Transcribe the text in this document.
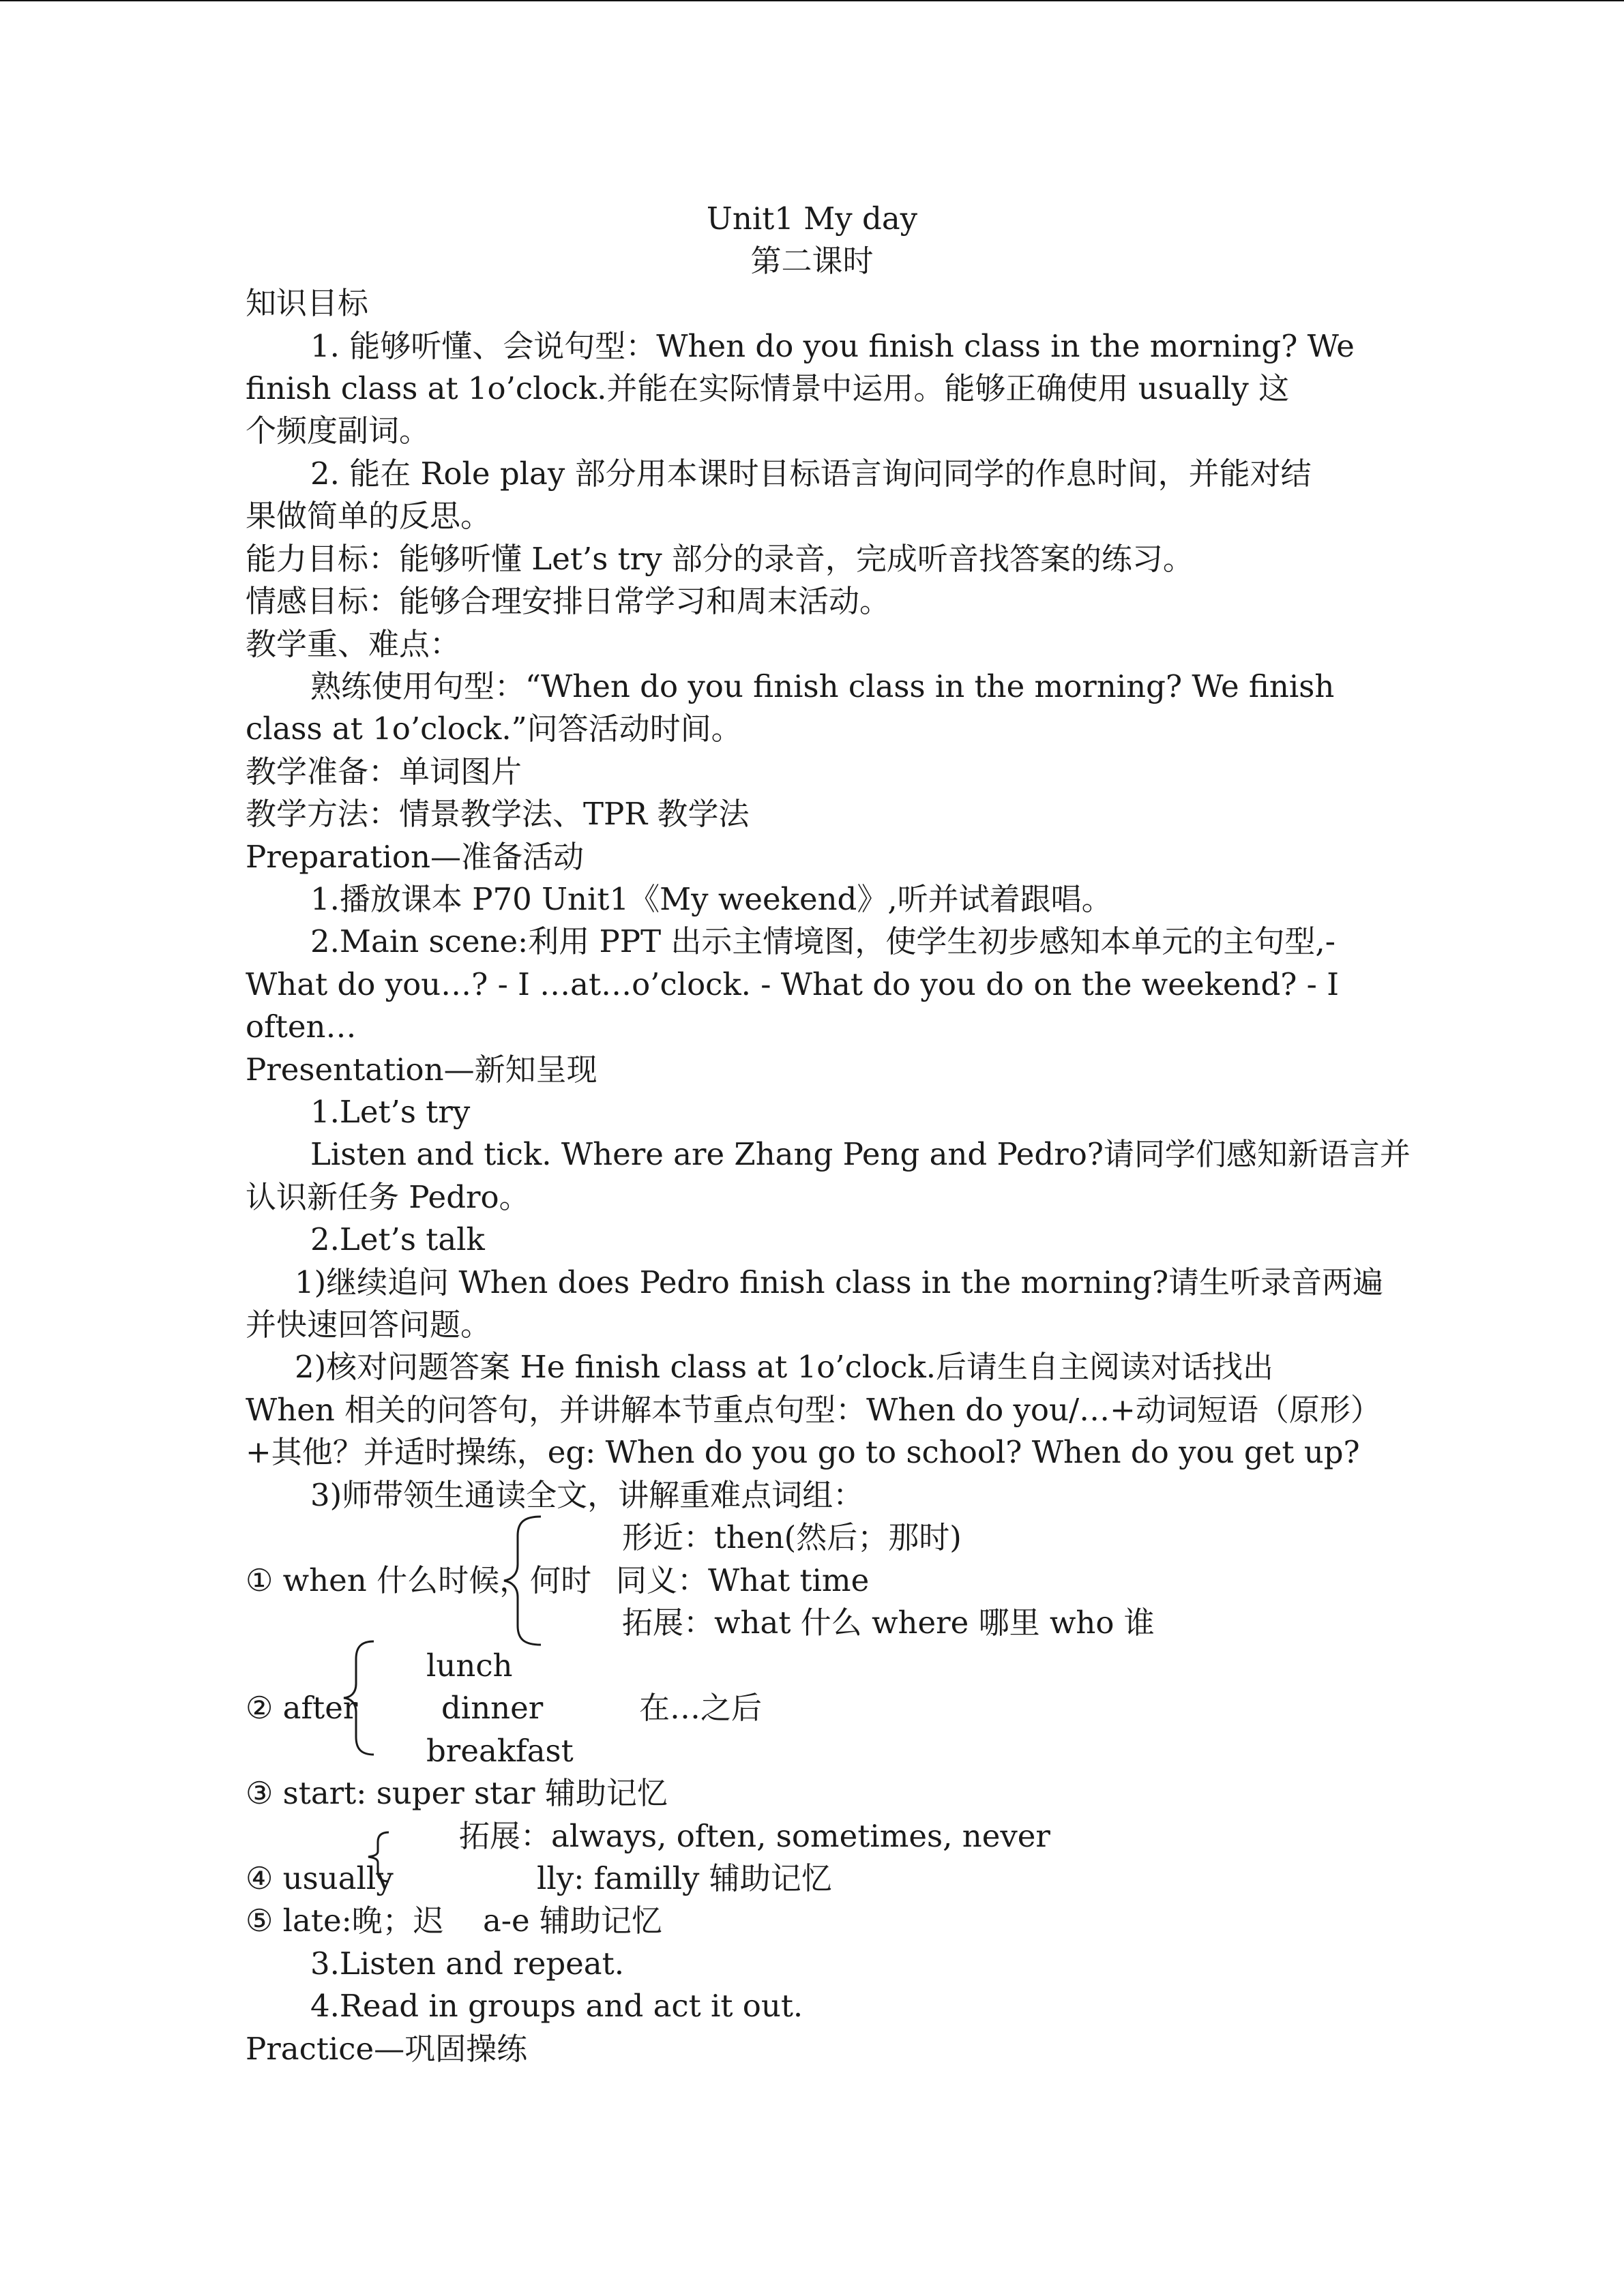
Unit1 My day
第二课时
知识目标
1. 能够听懂、会说句型：When do you finish class in the morning? We
finish class at 1o’clock.并能在实际情景中运用。能够正确使用 usually 这
个频度副词。
2. 能在 Role play 部分用本课时目标语言询问同学的作息时间，并能对结
果做简单的反思。
能力目标：能够听懂 Let’s try 部分的录音，完成听音找答案的练习。
情感目标：能够合理安排日常学习和周末活动。
教学重、难点：
熟练使用句型：“When do you finish class in the morning? We finish
class at 1o’clock.”问答活动时间。
教学准备：单词图片
教学方法：情景教学法、TPR 教学法
Preparation—准备活动
1.播放课本 P70 Unit1《My weekend》,听并试着跟唱。
2.Main scene:利用 PPT 出示主情境图，使学生初步感知本单元的主句型,-
What do you…? - I …at…o’clock. - What do you do on the weekend? - I
often…
Presentation—新知呈现
1.Let’s try
Listen and tick. Where are Zhang Peng and Pedro?请同学们感知新语言并
认识新任务 Pedro。
2.Let’s talk
1)继续追问 When does Pedro finish class in the morning?请生听录音两遍
并快速回答问题。
2)核对问题答案 He finish class at 1o’clock.后请生自主阅读对话找出
When 相关的问答句，并讲解本节重点句型：When do you/…+动词短语（原形）
+其他？并适时操练，eg: When do you go to school? When do you get up?
3)师带领生通读全文，讲解重难点词组：
形近：then(然后；那时)
① when 什么时候，何时 同义：What time
拓展：what 什么 where 哪里 who 谁
lunch
② after	dinner	在…之后
breakfast
③ start: super star 辅助记忆
拓展：always, often, sometimes, never
④ usually	lly: familly 辅助记忆
⑤ late:晚；迟    a-e 辅助记忆
3.Listen and repeat.
4.Read in groups and act it out.
Practice—巩固操练
